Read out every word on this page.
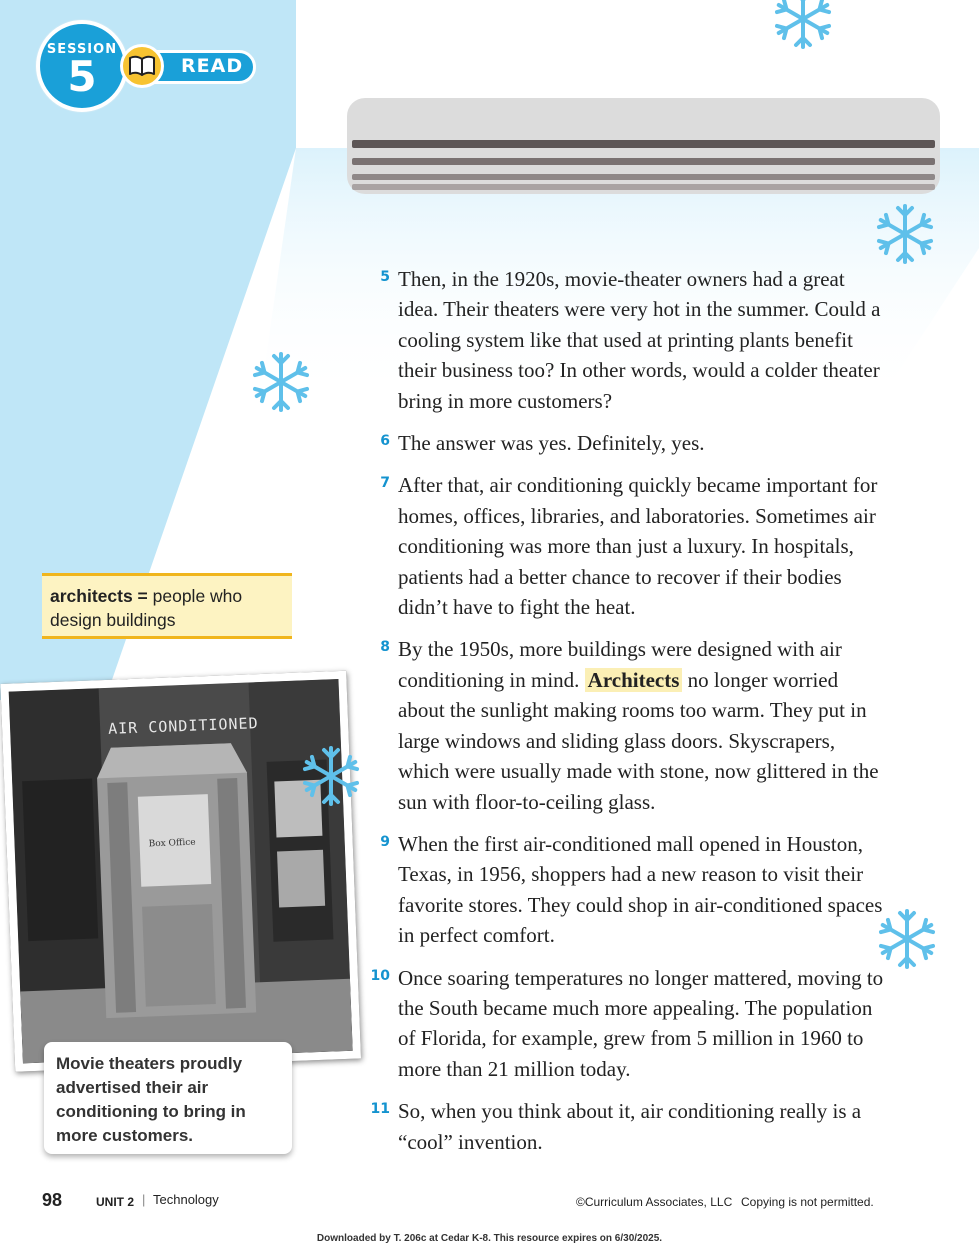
READ
SESSION
5
architects = people who design buildings
AIR CONDITIONED
Box Office
Movie theaters proudly advertised their air conditioning to bring in more customers.
5 Then, in the 1920s, movie-theater owners had a great idea. Their theaters were very hot in the summer. Could a cooling system like that used at printing plants benefit their business too? In other words, would a colder theater bring in more customers?
6 The answer was yes. Definitely, yes.
7 After that, air conditioning quickly became important for homes, offices, libraries, and laboratories. Sometimes air conditioning was more than just a luxury. In hospitals, patients had a better chance to recover if their bodies didn’t have to fight the heat.
8 By the 1950s, more buildings were designed with air conditioning in mind. Architects no longer worried about the sunlight making rooms too warm. They put in large windows and sliding glass doors. Skyscrapers, which were usually made with stone, now glittered in the sun with floor-to-ceiling glass.
9 When the first air-conditioned mall opened in Houston, Texas, in 1956, shoppers had a new reason to visit their favorite stores. They could shop in air-conditioned spaces in perfect comfort.
10 Once soaring temperatures no longer mattered, moving to the South became much more appealing. The population of Florida, for example, grew from 5 million in 1960 to more than 21 million today.
11 So, when you think about it, air conditioning really is a “cool” invention.
98	UNIT 2 | Technology	©Curriculum Associates, LLC Copying is not permitted.
Downloaded by T. 206c at Cedar K-8. This resource expires on 6/30/2025.
